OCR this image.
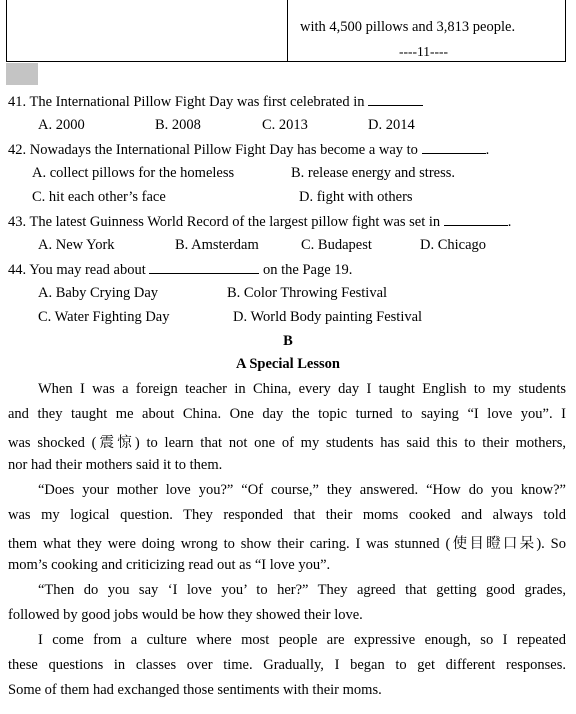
with 4,500 pillows and 3,813 people.
----11----
41. The International Pillow Fight Day was first celebrated in
A. 2000	B. 2008	C. 2013	D. 2014
42. Nowadays the International Pillow Fight Day has become a way to	.
A. collect pillows for the homeless	B. release energy and stress.
C. hit each other’s face	D. fight with others
43. The latest Guinness World Record of the largest pillow fight was set in	.
A. New York	B. Amsterdam	C. Budapest	D. Chicago
44. You may read about	on the Page 19.
A. Baby Crying Day	B. Color Throwing Festival
C. Water Fighting Day	D. World Body painting Festival
B
A Special Lesson
When I was a foreign teacher in China, every day I taught English to my students
and they taught me about China. One day the topic turned to saying “I love you”. I
was shocked (震惊) to learn that not one of my students has said this to their mothers,
nor had their mothers said it to them.
“Does your mother love you?” “Of course,” they answered. “How do you know?”
was my logical question. They responded that their moms cooked and always told
them what they were doing wrong to show their caring. I was stunned (使目瞪口呆). So
mom’s cooking and criticizing read out as “I love you”.
“Then do you say ‘I love you’ to her?” They agreed that getting good grades,
followed by good jobs would be how they showed their love.
I come from a culture where most people are expressive enough, so I repeated
these questions in classes over time. Gradually, I began to get different responses.
Some of them had exchanged those sentiments with their moms.
